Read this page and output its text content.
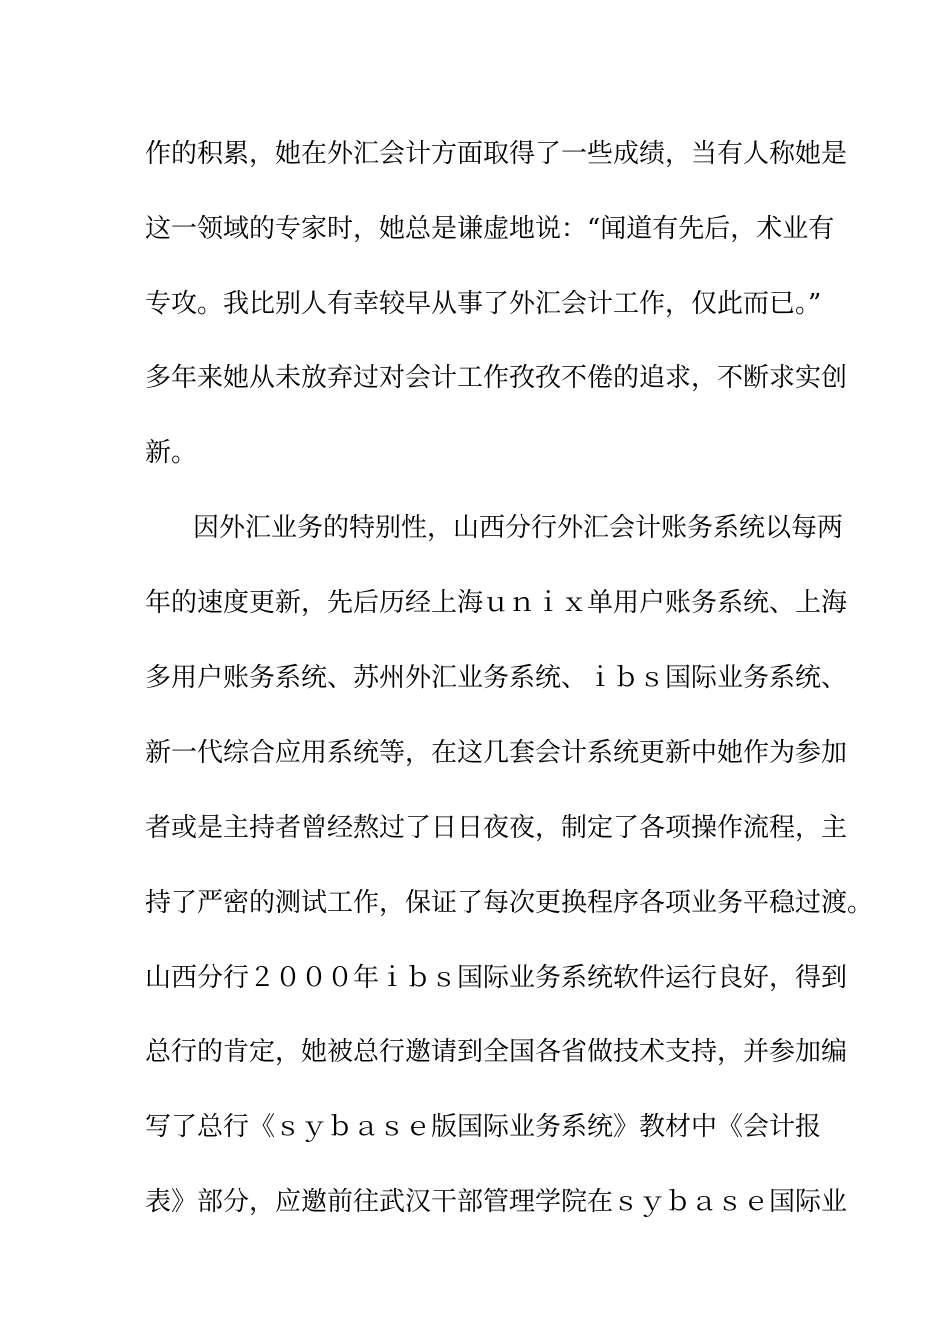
作的积累，她在外汇会计方面取得了一些成绩，当有人称她是
这一领域的专家时，她总是谦虚地说：“闻道有先后，术业有
专攻。我比别人有幸较早从事了外汇会计工作，仅此而已。”
多年来她从未放弃过对会计工作孜孜不倦的追求，不断求实创
新。
因外汇业务的特别性，山西分行外汇会计账务系统以每两
年的速度更新，先后历经上海ｕｎｉｘ单用户账务系统、上海
多用户账务系统、苏州外汇业务系统、ｉｂｓ国际业务系统、
新一代综合应用系统等，在这几套会计系统更新中她作为参加
者或是主持者曾经熬过了日日夜夜，制定了各项操作流程，主
持了严密的测试工作，保证了每次更换程序各项业务平稳过渡。
山西分行２０００年ｉｂｓ国际业务系统软件运行良好，得到
总行的肯定，她被总行邀请到全国各省做技术支持，并参加编
写了总行《ｓｙｂａｓｅ版国际业务系统》教材中《会计报
表》部分，应邀前往武汉干部管理学院在ｓｙｂａｓｅ国际业
